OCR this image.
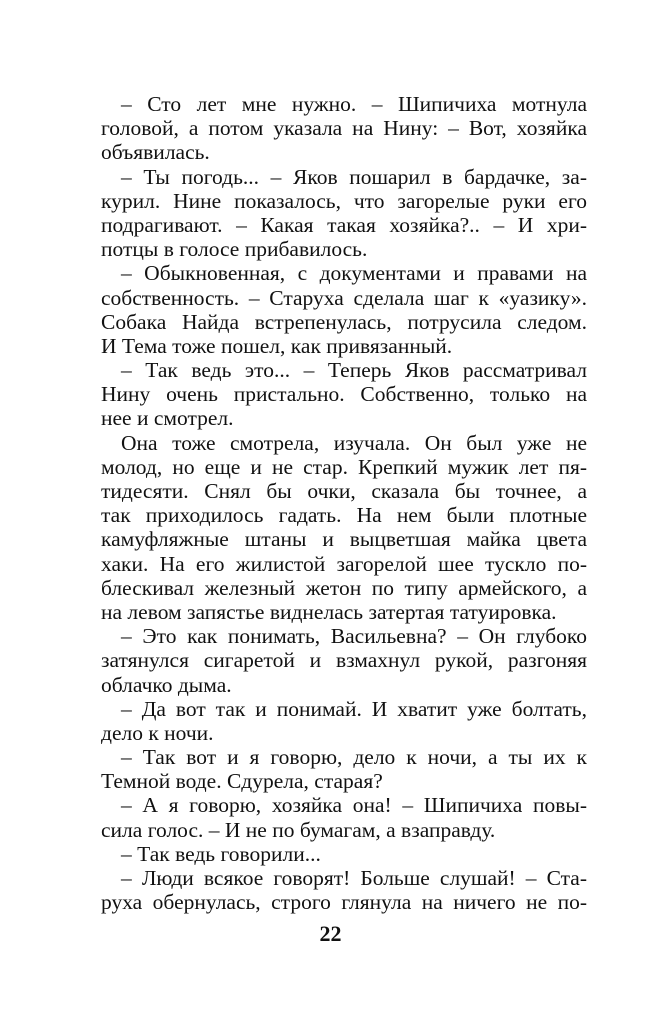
– Сто лет мне нужно. – Шипичиха мотнула
головой, а потом указала на Нину: – Вот, хозяйка
объявилась.
– Ты погодь... – Яков пошарил в бардачке, за-
курил. Нине показалось, что загорелые руки его
подрагивают. – Какая такая хозяйка?.. – И хри-
потцы в голосе прибавилось.
– Обыкновенная, с документами и правами на
собственность. – Старуха сделала шаг к «уазику».
Собака Найда встрепенулась, потрусила следом.
И Тема тоже пошел, как привязанный.
– Так ведь это... – Теперь Яков рассматривал
Нину очень пристально. Собственно, только на
нее и смотрел.
Она тоже смотрела, изучала. Он был уже не
молод, но еще и не стар. Крепкий мужик лет пя-
тидесяти. Снял бы очки, сказала бы точнее, а
так приходилось гадать. На нем были плотные
камуфляжные штаны и выцветшая майка цвета
хаки. На его жилистой загорелой шее тускло по-
блескивал железный жетон по типу армейского, а
на левом запястье виднелась затертая татуировка.
– Это как понимать, Васильевна? – Он глубоко
затянулся сигаретой и взмахнул рукой, разгоняя
облачко дыма.
– Да вот так и понимай. И хватит уже болтать,
дело к ночи.
– Так вот и я говорю, дело к ночи, а ты их к
Темной воде. Сдурела, старая?
– А я говорю, хозяйка она! – Шипичиха повы-
сила голос. – И не по бумагам, а взаправду.
– Так ведь говорили...
– Люди всякое говорят! Больше слушай! – Ста-
руха обернулась, строго глянула на ничего не по-
22
